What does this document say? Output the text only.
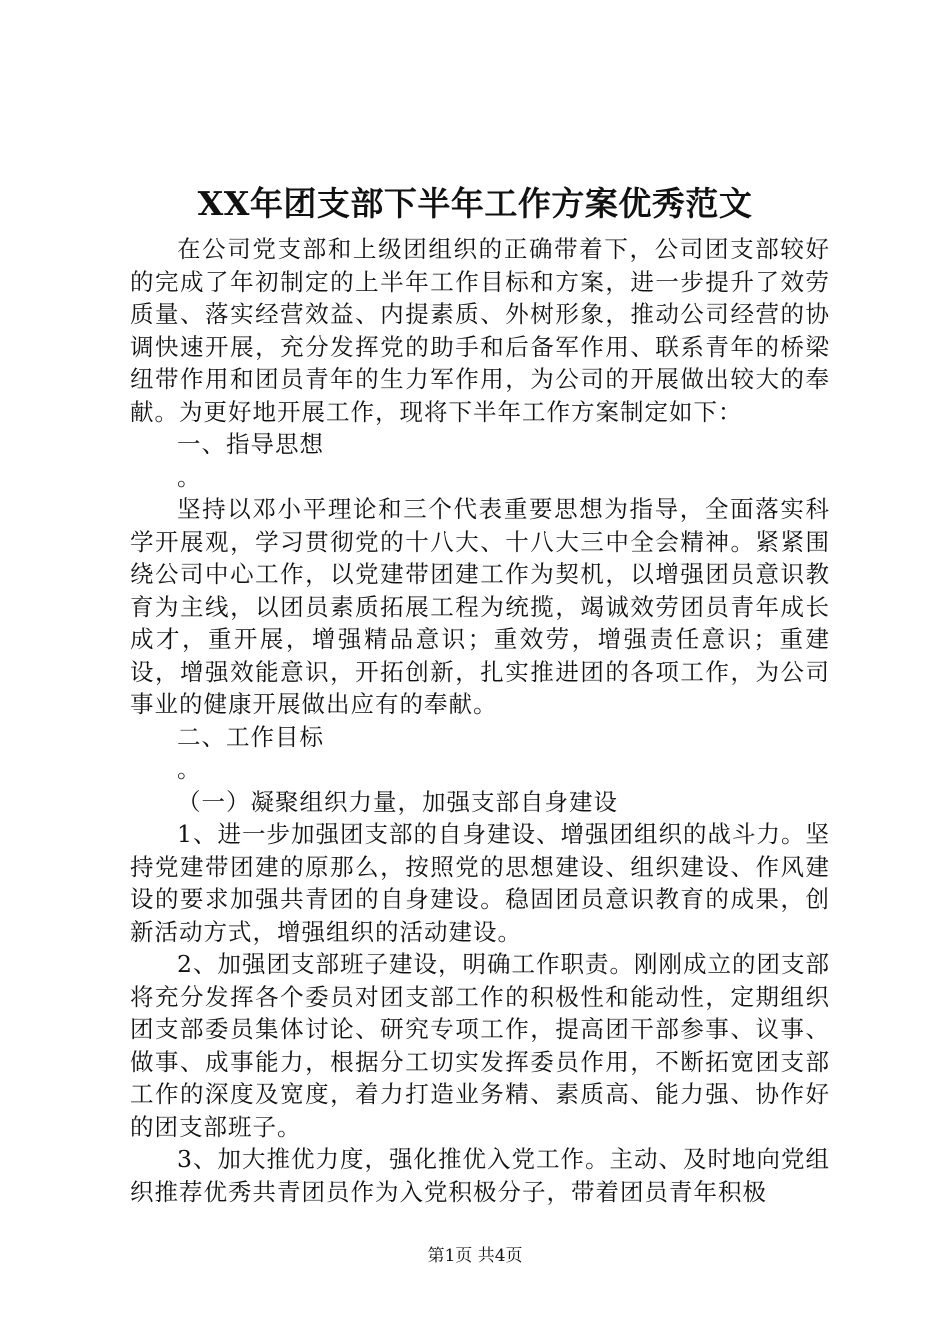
XX年团支部下半年工作方案优秀范文

在公司党支部和上级团组织的正确带着下，公司团支部较好的完成了年初制定的上半年工作目标和方案，进一步提升了效劳质量、落实经营效益、内提素质、外树形象，推动公司经营的协调快速开展，充分发挥党的助手和后备军作用、联系青年的桥梁纽带作用和团员青年的生力军作用，为公司的开展做出较大的奉献。为更好地开展工作，现将下半年工作方案制定如下：

一、指导思想

。

坚持以邓小平理论和三个代表重要思想为指导，全面落实科学开展观，学习贯彻党的十八大、十八大三中全会精神。紧紧围绕公司中心工作，以党建带团建工作为契机，以增强团员意识教育为主线，以团员素质拓展工程为统揽，竭诚效劳团员青年成长成才，重开展，增强精品意识；重效劳，增强责任意识；重建设，增强效能意识，开拓创新，扎实推进团的各项工作，为公司事业的健康开展做出应有的奉献。

二、工作目标

。

（一）凝聚组织力量，加强支部自身建设

1、进一步加强团支部的自身建设、增强团组织的战斗力。坚持党建带团建的原那么，按照党的思想建设、组织建设、作风建设的要求加强共青团的自身建设。稳固团员意识教育的成果，创新活动方式，增强组织的活动建设。

2、加强团支部班子建设，明确工作职责。刚刚成立的团支部将充分发挥各个委员对团支部工作的积极性和能动性，定期组织团支部委员集体讨论、研究专项工作，提高团干部参事、议事、做事、成事能力，根据分工切实发挥委员作用，不断拓宽团支部工作的深度及宽度，着力打造业务精、素质高、能力强、协作好的团支部班子。

3、加大推优力度，强化推优入党工作。主动、及时地向党组织推荐优秀共青团员作为入党积极分子，带着团员青年积极

第1页 共4页
